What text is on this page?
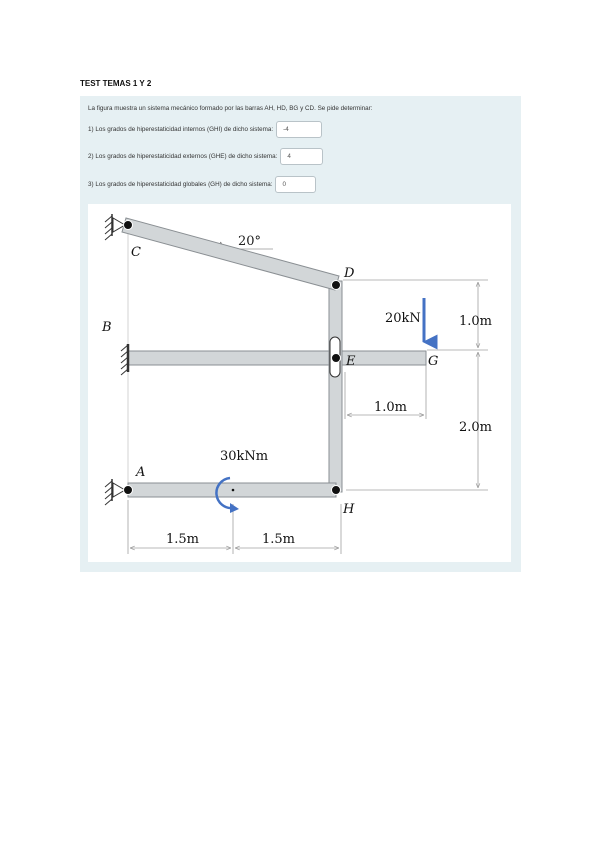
TEST TEMAS 1 Y 2
La figura muestra un sistema mecánico formado por las barras AH, HD, BG y CD. Se pide determinar:
1) Los grados de hiperestaticidad internos (GHI) de dicho sistema:
-4
2) Los grados de hiperestaticidad externos (GHE) de dicho sistema:
4
3) Los grados de hiperestaticidad globales (GH) de dicho sistema:
0
20°
C
B
D
E	G
A
H
20kN
30kNm
1.5m	1.5m
1.0m
1.0m
2.0m
